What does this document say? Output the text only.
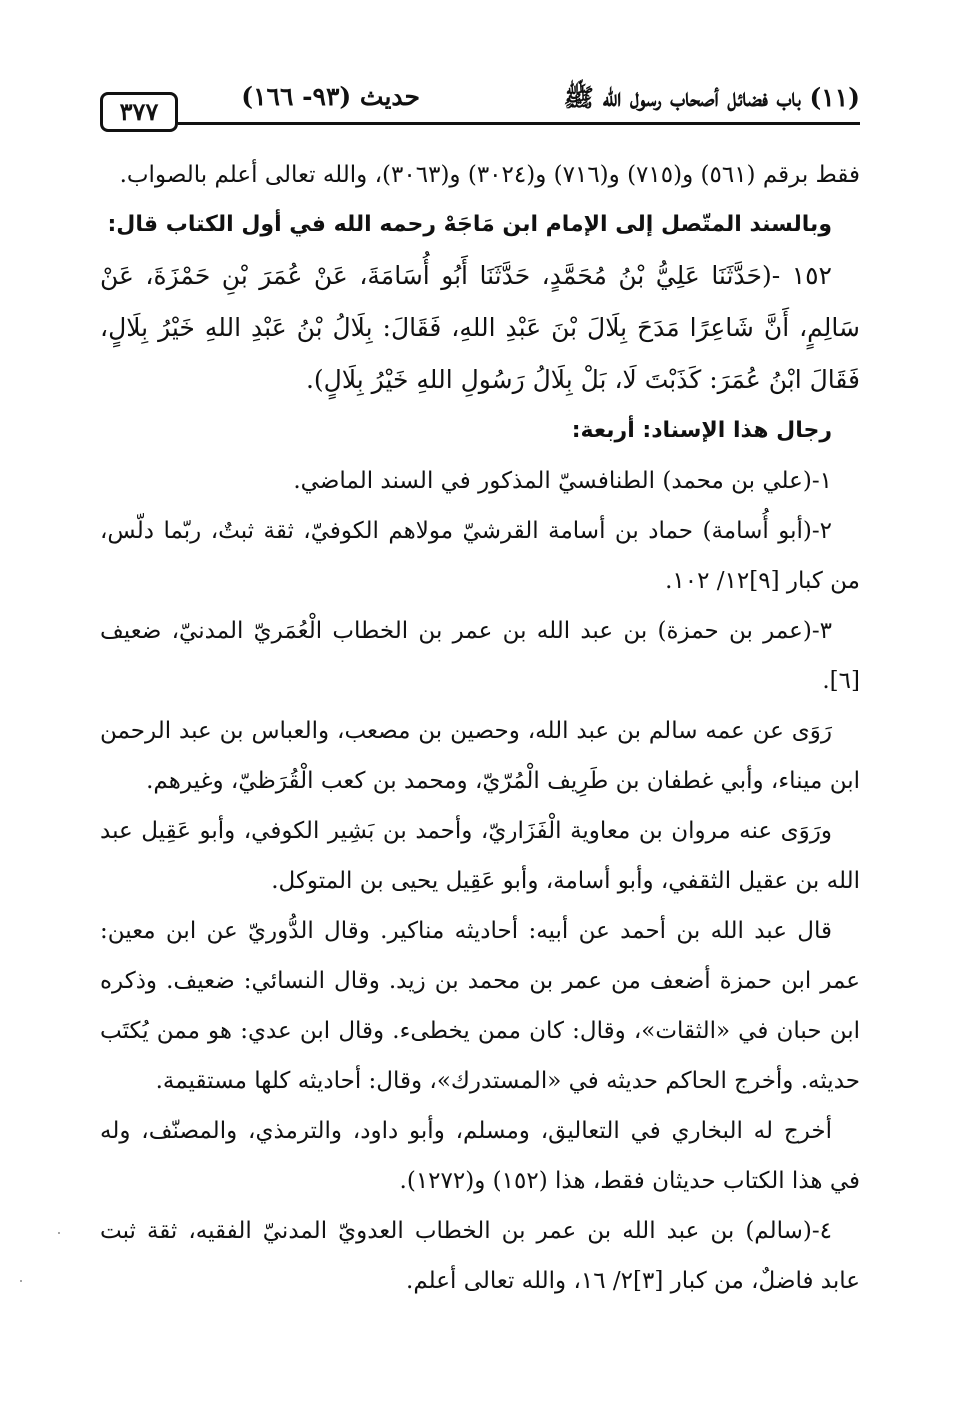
(١١) باب فضائل أصحاب رسول الله ﷺ
حديث (٩٣- ١٦٦)
٣٧٧

فقط برقم (٥٦١) و(٧١٥) و(٧١٦) و(٣٠٢٤) و(٣٠٦٣)، والله تعالى أعلم بالصواب.

وبالسند المتّصل إلى الإمام ابن مَاجَهْ رحمه الله في أول الكتاب قال:

١٥٢ -(حَدَّثَنَا عَلِيُّ بْنُ مُحَمَّدٍ، حَدَّثَنَا أَبُو أُسَامَةَ، عَنْ عُمَرَ بْنِ حَمْزَةَ، عَنْ سَالِمٍ، أَنَّ شَاعِرًا مَدَحَ بِلَالَ بْنَ عَبْدِ اللهِ، فَقَالَ: بِلَالُ بْنُ عَبْدِ اللهِ خَيْرُ بِلَالٍ، فَقَالَ ابْنُ عُمَرَ: كَذَبْتَ لَا، بَلْ بِلَالُ رَسُولِ اللهِ خَيْرُ بِلَالٍ).

رجال هذا الإسناد: أربعة:

١-(علي بن محمد) الطنافسيّ المذكور في السند الماضي.

٢-(أبو أُسامة) حماد بن أسامة القرشيّ مولاهم الكوفيّ، ثقة ثبتٌ، ربّما دلّس، من كبار [٩]١٢/ ١٠٢.

٣-(عمر بن حمزة) بن عبد الله بن عمر بن الخطاب الْعُمَريّ المدنيّ، ضعيف [٦].

رَوَى عن عمه سالم بن عبد الله، وحصين بن مصعب، والعباس بن عبد الرحمن ابن ميناء، وأبي غطفان بن طَرِيف الْمُرّيّ، ومحمد بن كعب الْقُرَظيّ، وغيرهم.

ورَوَى عنه مروان بن معاوية الْفَزَاريّ، وأحمد بن بَشِير الكوفي، وأبو عَقِيل عبد الله بن عقيل الثقفي، وأبو أسامة، وأبو عَقِيل يحيى بن المتوكل.

قال عبد الله بن أحمد عن أبيه: أحاديثه مناكير. وقال الدُّوريّ عن ابن معين: عمر ابن حمزة أضعف من عمر بن محمد بن زيد. وقال النسائي: ضعيف. وذكره ابن حبان في «الثقات»، وقال: كان ممن يخطىء. وقال ابن عدي: هو ممن يُكتَب حديثه. وأخرج الحاكم حديثه في «المستدرك»، وقال: أحاديثه كلها مستقيمة.

أخرج له البخاري في التعاليق، ومسلم، وأبو داود، والترمذي، والمصنّف، وله في هذا الكتاب حديثان فقط، هذا (١٥٢) و(١٢٧٢).

٤-(سالم) بن عبد الله بن عمر بن الخطاب العدويّ المدنيّ الفقيه، ثقة ثبت عابد فاضلٌ، من كبار [٣]٢/ ١٦، والله تعالى أعلم.
